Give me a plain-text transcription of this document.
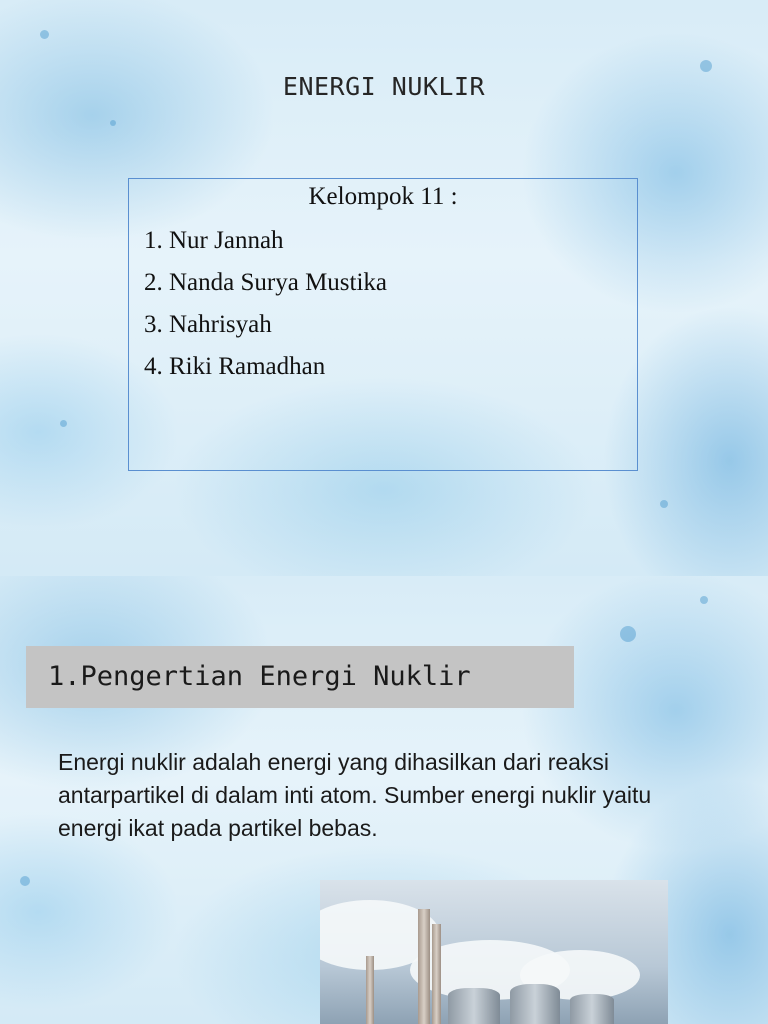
ENERGI NUKLIR
Kelompok 11 :
1. Nur Jannah
2. Nanda Surya Mustika
3. Nahrisyah
4. Riki Ramadhan
1.Pengertian Energi Nuklir

Energi nuklir adalah energi yang dihasilkan dari reaksi antarpartikel di dalam inti atom. Sumber energi nuklir yaitu energi ikat pada partikel bebas.
